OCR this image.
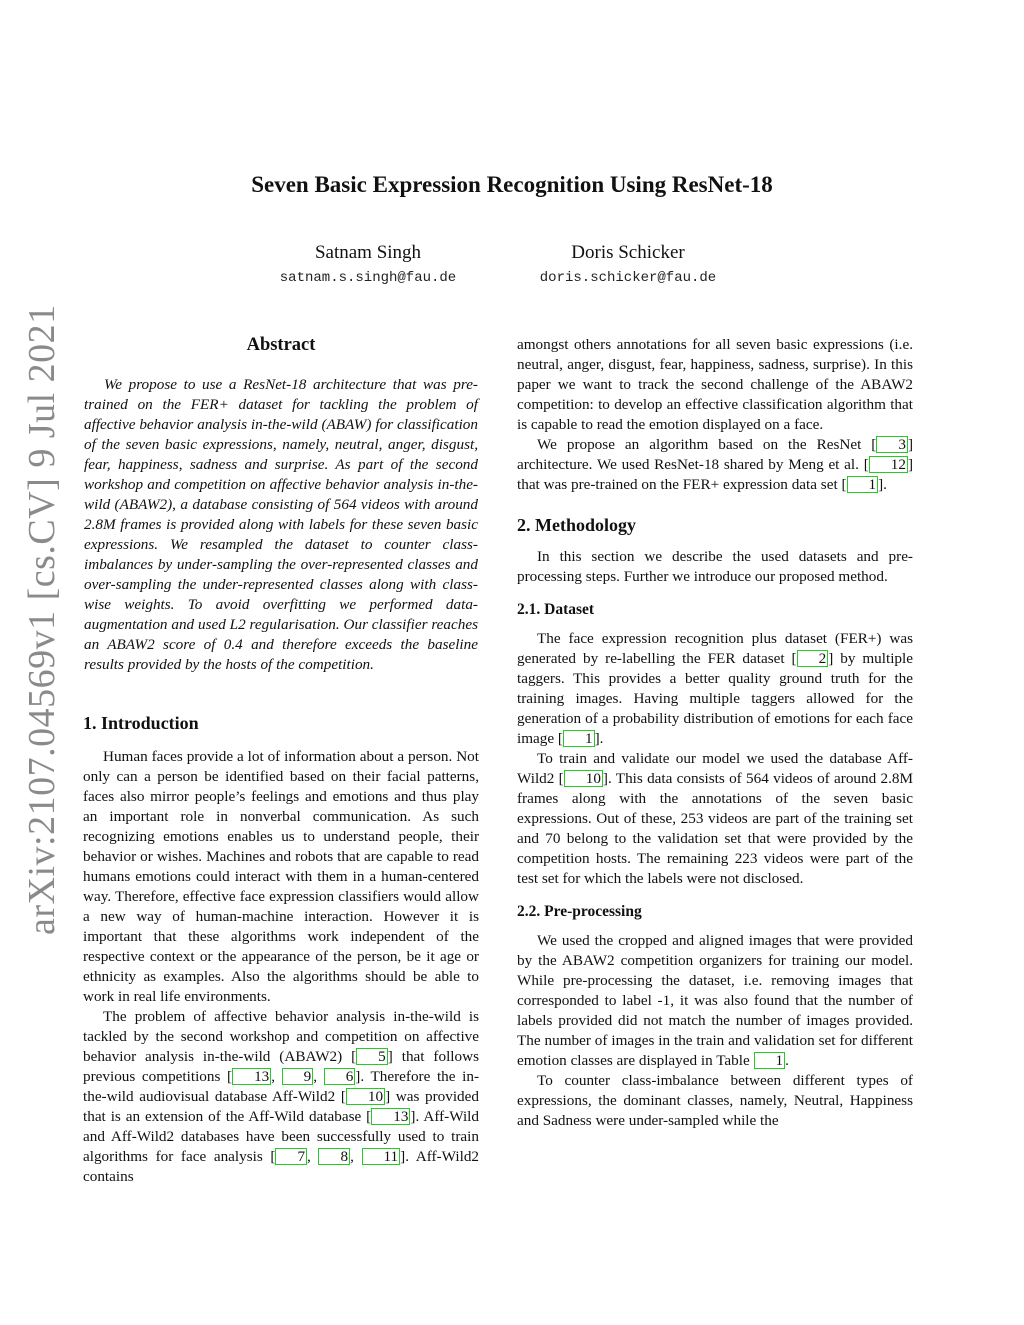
arXiv:2107.04569v1 [cs.CV] 9 Jul 2021
Seven Basic Expression Recognition Using ResNet-18
Satnam Singh
satnam.s.singh@fau.de
Doris Schicker
doris.schicker@fau.de
Abstract

We propose to use a ResNet-18 architecture that was pre-trained on the FER+ dataset for tackling the problem of affective behavior analysis in-the-wild (ABAW) for classification of the seven basic expressions, namely, neutral, anger, disgust, fear, happiness, sadness and surprise. As part of the second workshop and competition on affective behavior analysis in-the-wild (ABAW2), a database consisting of 564 videos with around 2.8M frames is provided along with labels for these seven basic expressions. We resampled the dataset to counter class-imbalances by under-sampling the over-represented classes and over-sampling the under-represented classes along with class-wise weights. To avoid overfitting we performed data-augmentation and used L2 regularisation. Our classifier reaches an ABAW2 score of 0.4 and therefore exceeds the baseline results provided by the hosts of the competition.

1. Introduction

Human faces provide a lot of information about a person. Not only can a person be identified based on their facial patterns, faces also mirror people’s feelings and emotions and thus play an important role in nonverbal communication. As such recognizing emotions enables us to understand people, their behavior or wishes. Machines and robots that are capable to read humans emotions could interact with them in a human-centered way. Therefore, effective face expression classifiers would allow a new way of human-machine interaction. However it is important that these algorithms work independent of the respective context or the appearance of the person, be it age or ethnicity as examples. Also the algorithms should be able to work in real life environments.

The problem of affective behavior analysis in-the-wild is tackled by the second workshop and competition on affective behavior analysis in-the-wild (ABAW2) [ 5 ] that follows previous competitions [ 13 , 9 , 6 ]. Therefore the in-the-wild audiovisual database Aff-Wild2 [ 10 ] was provided that is an extension of the Aff-Wild database [ 13 ]. Aff-Wild and Aff-Wild2 databases have been successfully used to train algorithms for face analysis [ 7 , 8 , 11 ]. Aff-Wild2 contains

amongst others annotations for all seven basic expressions (i.e. neutral, anger, disgust, fear, happiness, sadness, surprise). In this paper we want to track the second challenge of the ABAW2 competition: to develop an effective classification algorithm that is capable to read the emotion displayed on a face.

We propose an algorithm based on the ResNet [ 3 ] architecture. We used ResNet-18 shared by Meng et al. [ 12 ] that was pre-trained on the FER+ expression data set [ 1 ].

2. Methodology

In this section we describe the used datasets and pre-processing steps. Further we introduce our proposed method.

2.1. Dataset

The face expression recognition plus dataset (FER+) was generated by re-labelling the FER dataset [ 2 ] by multiple taggers. This provides a better quality ground truth for the training images. Having multiple taggers allowed for the generation of a probability distribution of emotions for each face image [ 1 ].

To train and validate our model we used the database Aff-Wild2 [ 10 ]. This data consists of 564 videos of around 2.8M frames along with the annotations of the seven basic expressions. Out of these, 253 videos are part of the training set and 70 belong to the validation set that were provided by the competition hosts. The remaining 223 videos were part of the test set for which the labels were not disclosed.

2.2. Pre-processing

We used the cropped and aligned images that were provided by the ABAW2 competition organizers for training our model. While pre-processing the dataset, i.e. removing images that corresponded to label -1, it was also found that the number of labels provided did not match the number of images provided. The number of images in the train and validation set for different emotion classes are displayed in Table 1 .

To counter class-imbalance between different types of expressions, the dominant classes, namely, Neutral, Happiness and Sadness were under-sampled while the
